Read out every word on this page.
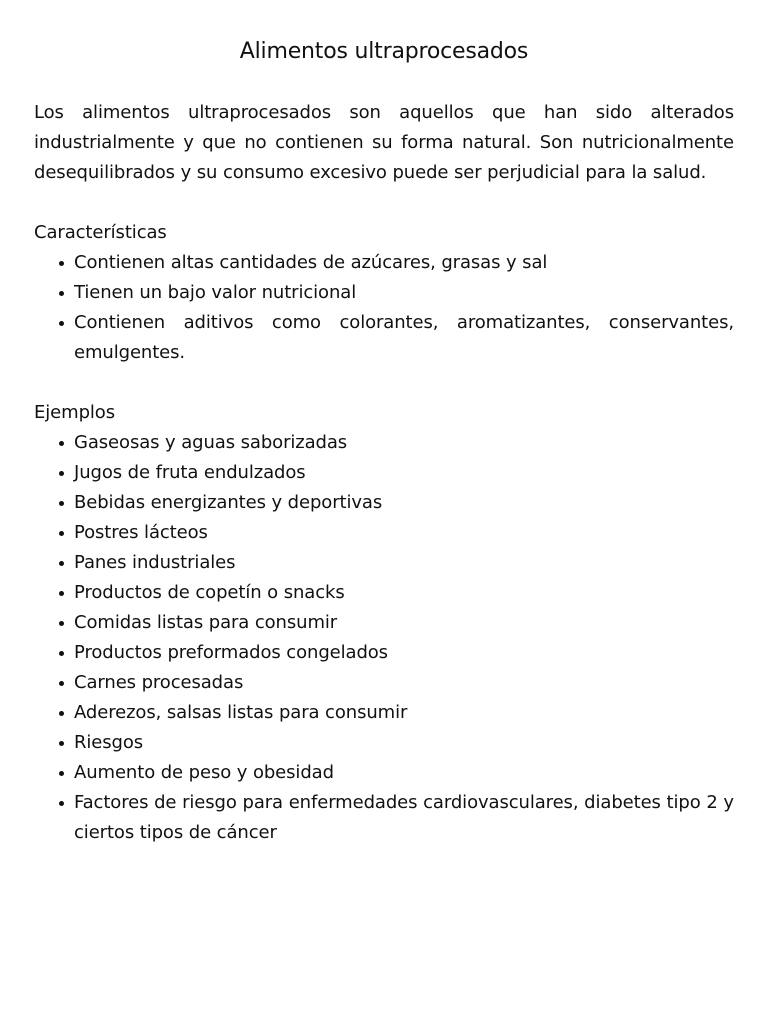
Alimentos ultraprocesados

Los alimentos ultraprocesados son aquellos que han sido alterados industrialmente y que no contienen su forma natural. Son nutricionalmente desequilibrados y su consumo excesivo puede ser perjudicial para la salud.

Características
Contienen altas cantidades de azúcares, grasas y sal
Tienen un bajo valor nutricional
Contienen aditivos como colorantes, aromatizantes, conservantes, emulgentes.
Ejemplos
Gaseosas y aguas saborizadas
Jugos de fruta endulzados
Bebidas energizantes y deportivas
Postres lácteos
Panes industriales
Productos de copetín o snacks
Comidas listas para consumir
Productos preformados congelados
Carnes procesadas
Aderezos, salsas listas para consumir
Riesgos
Aumento de peso y obesidad
Factores de riesgo para enfermedades cardiovasculares, diabetes tipo 2 y ciertos tipos de cáncer
